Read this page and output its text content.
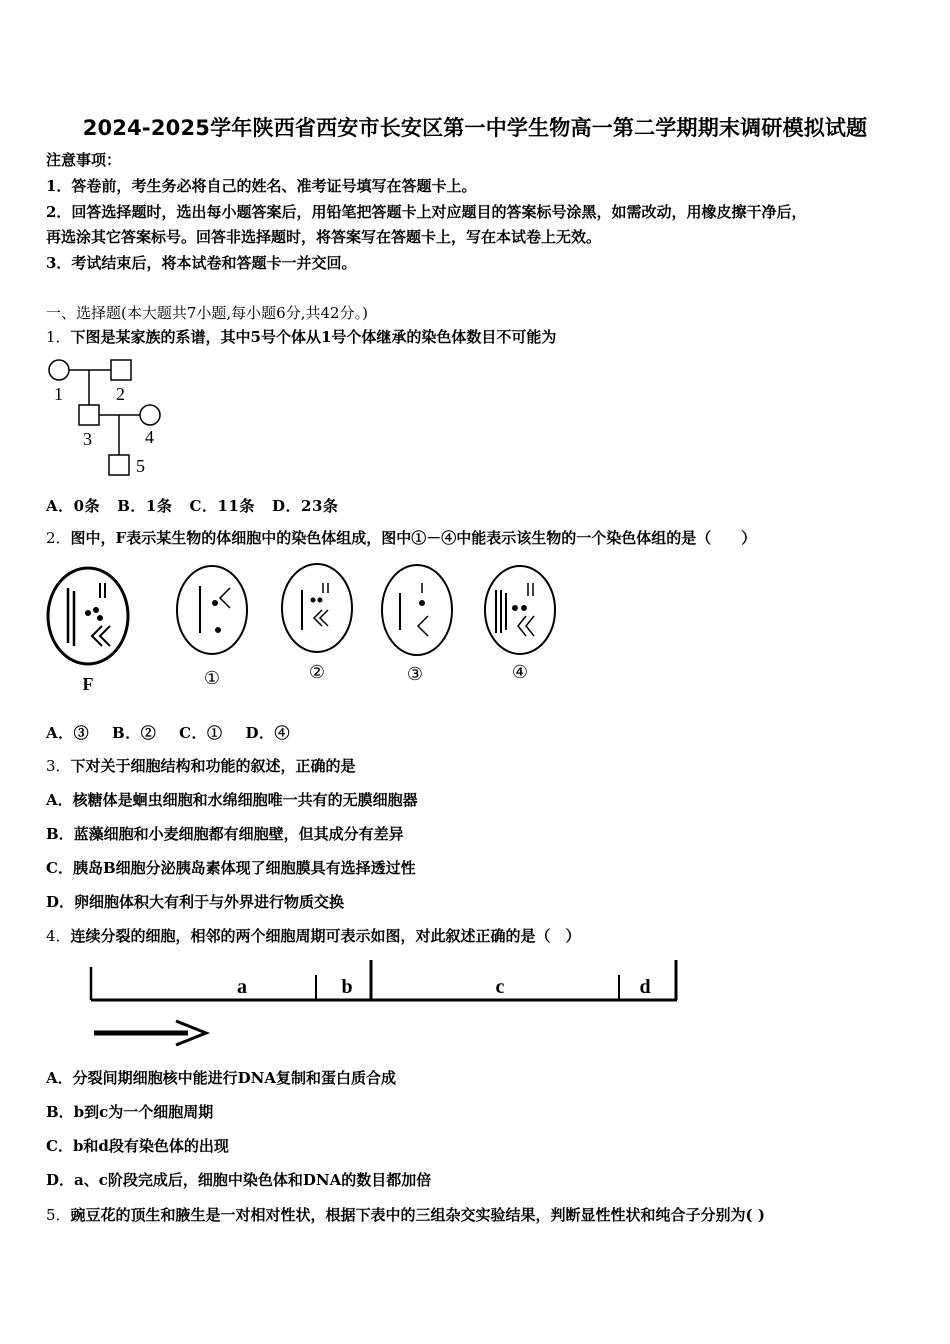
2024-2025学年陕西省西安市长安区第一中学生物高一第二学期期末调研模拟试题
注意事项：
1．答卷前，考生务必将自己的姓名、准考证号填写在答题卡上。
2．回答选择题时，选出每小题答案后，用铅笔把答题卡上对应题目的答案标号涂黑，如需改动，用橡皮擦干净后，
再选涂其它答案标号。回答非选择题时，将答案写在答题卡上，写在本试卷上无效。
3．考试结束后，将本试卷和答题卡一并交回。
一、选择题(本大题共7小题,每小题6分,共42分。)
1．下图是某家族的系谱，其中5号个体从1号个体继承的染色体数目不可能为
1	2
3	4
5
A．0条 B．1条 C．11条 D．23条
2．图中，F表示某生物的体细胞中的染色体组成，图中①－④中能表示该生物的一个染色体组的是（　　）
F	①	②	③	④
A．③ B．② C．① D．④
3．下对关于细胞结构和功能的叙述，正确的是
A．核糖体是蛔虫细胞和水绵细胞唯一共有的无膜细胞器
B．蓝藻细胞和小麦细胞都有细胞壁，但其成分有差异
C．胰岛B细胞分泌胰岛素体现了细胞膜具有选择透过性
D．卵细胞体积大有利于与外界进行物质交换
4．连续分裂的细胞，相邻的两个细胞周期可表示如图，对此叙述正确的是（　）
a	b	c	d
A．分裂间期细胞核中能进行DNA复制和蛋白质合成
B．b到c为一个细胞周期
C．b和d段有染色体的出现
D．a、c阶段完成后，细胞中染色体和DNA的数目都加倍
5．豌豆花的顶生和腋生是一对相对性状，根据下表中的三组杂交实验结果，判断显性性状和纯合子分别为( )
